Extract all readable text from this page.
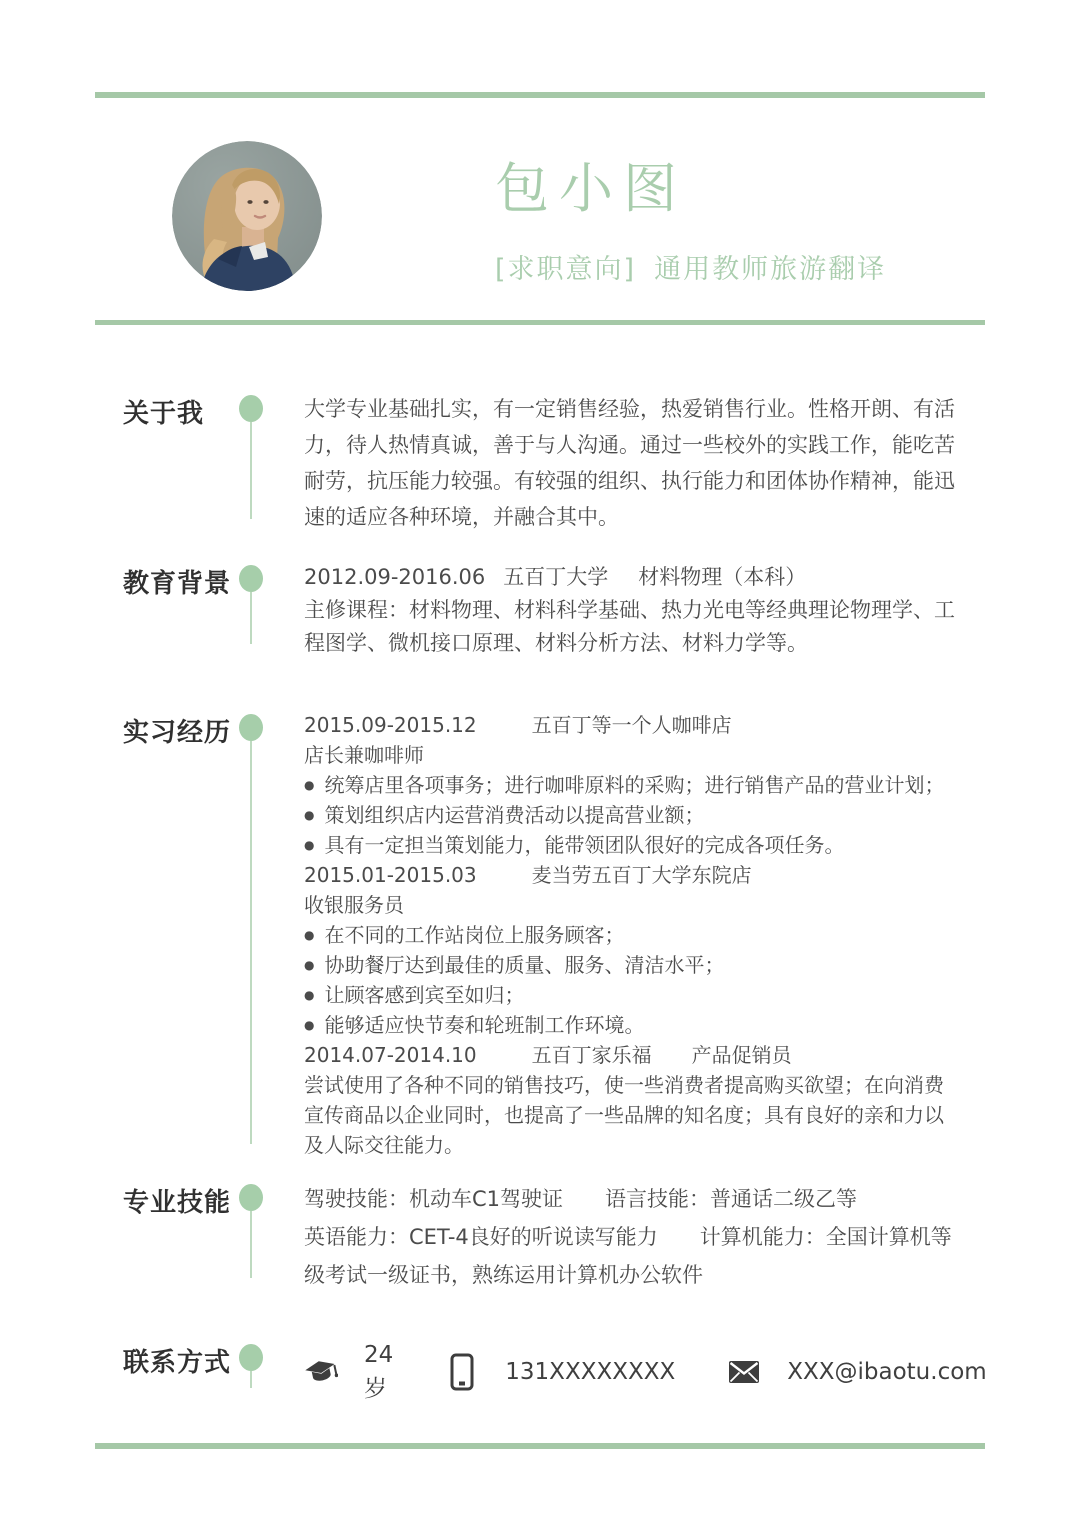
包小图
[求职意向] 通用教师旅游翻译
关于我	大学专业基础扎实，有一定销售经验，热爱销售行业。性格开朗、有活力，待人热情真诚，善于与人沟通。通过一些校外的实践工作，能吃苦耐劳，抗压能力较强。有较强的组织、执行能力和团体协作精神，能迅速的适应各种环境，并融合其中。
教育背景	2012.09-2016.06 五百丁大学 材料物理（本科）
主修课程：材料物理、材料科学基础、热力光电等经典理论物理学、工程图学、微机接口原理、材料分析方法、材料力学等。
实习经历	2015.09-2015.12	五百丁等一个人咖啡店
店长兼咖啡师
● 统筹店里各项事务；进行咖啡原料的采购；进行销售产品的营业计划；
● 策划组织店内运营消费活动以提高营业额；
● 具有一定担当策划能力，能带领团队很好的完成各项任务。
2015.01-2015.03	麦当劳五百丁大学东院店
收银服务员
● 在不同的工作站岗位上服务顾客；
● 协助餐厅达到最佳的质量、服务、清洁水平；
● 让顾客感到宾至如归；
● 能够适应快节奏和轮班制工作环境。
2014.07-2014.10	五百丁家乐福 产品促销员
尝试使用了各种不同的销售技巧，使一些消费者提高购买欲望；在向消费宣传商品以企业同时，也提高了一些品牌的知名度；具有良好的亲和力以及人际交往能力。
专业技能	驾驶技能：机动车C1驾驶证　　语言技能：普通话二级乙等
英语能力：CET-4良好的听说读写能力　　计算机能力：全国计算机等级考试一级证书，熟练运用计算机办公软件
联系方式	24岁
131XXXXXXXX	XXX@ibaotu.com
